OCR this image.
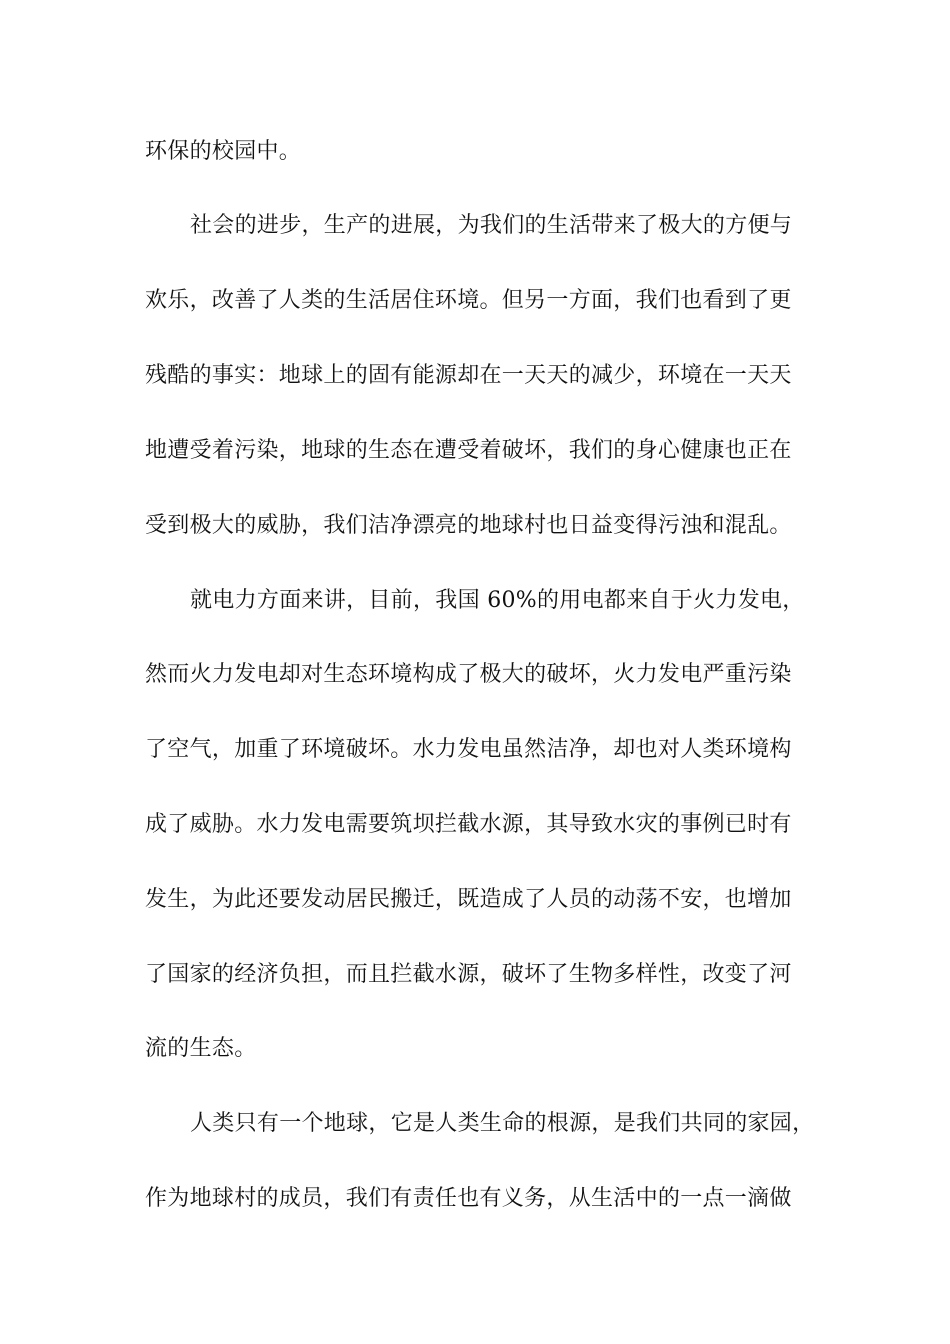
环保的校园中。
社会的进步，生产的进展，为我们的生活带来了极大的方便与
欢乐，改善了人类的生活居住环境。但另一方面，我们也看到了更
残酷的事实：地球上的固有能源却在一天天的减少，环境在一天天
地遭受着污染，地球的生态在遭受着破坏，我们的身心健康也正在
受到极大的威胁，我们洁净漂亮的地球村也日益变得污浊和混乱。
就电力方面来讲，目前，我国 60%的用电都来自于火力发电，
然而火力发电却对生态环境构成了极大的破坏，火力发电严重污染
了空气，加重了环境破坏。水力发电虽然洁净，却也对人类环境构
成了威胁。水力发电需要筑坝拦截水源，其导致水灾的事例已时有
发生，为此还要发动居民搬迁，既造成了人员的动荡不安，也增加
了国家的经济负担，而且拦截水源，破坏了生物多样性，改变了河
流的生态。
人类只有一个地球，它是人类生命的根源，是我们共同的家园，
作为地球村的成员，我们有责任也有义务，从生活中的一点一滴做
